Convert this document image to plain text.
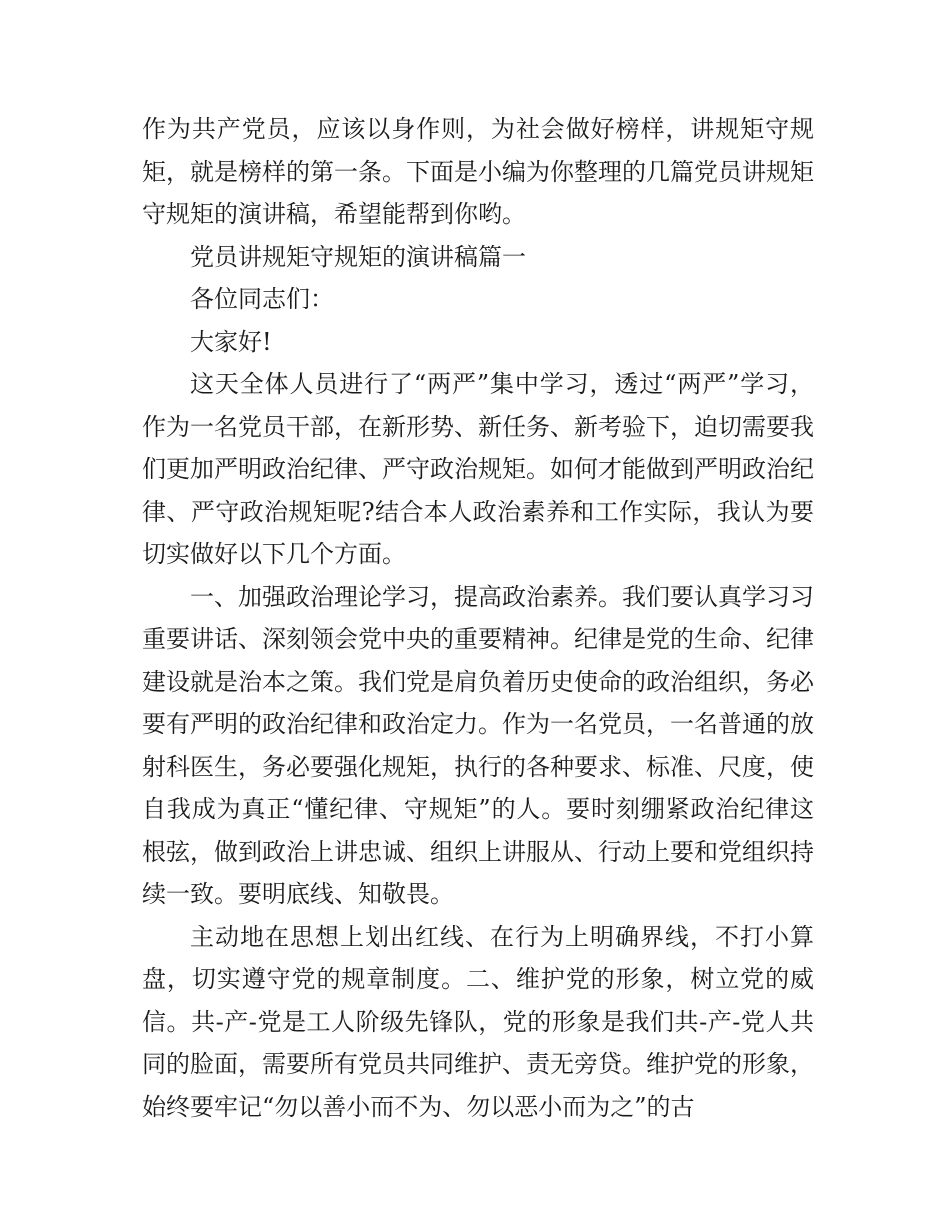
作为共产党员，应该以身作则，为社会做好榜样，讲规矩守规矩，就是榜样的第一条。下面是小编为你整理的几篇党员讲规矩守规矩的演讲稿，希望能帮到你哟。

党员讲规矩守规矩的演讲稿篇一

各位同志们：

大家好!

这天全体人员进行了“两严”集中学习，透过“两严”学习，作为一名党员干部，在新形势、新任务、新考验下，迫切需要我们更加严明政治纪律、严守政治规矩。如何才能做到严明政治纪律、严守政治规矩呢?结合本人政治素养和工作实际，我认为要切实做好以下几个方面。

一、加强政治理论学习，提高政治素养。我们要认真学习习重要讲话、深刻领会党中央的重要精神。纪律是党的生命、纪律建设就是治本之策。我们党是肩负着历史使命的政治组织，务必要有严明的政治纪律和政治定力。作为一名党员，一名普通的放射科医生，务必要强化规矩，执行的各种要求、标准、尺度，使自我成为真正“懂纪律、守规矩”的人。要时刻绷紧政治纪律这根弦，做到政治上讲忠诚、组织上讲服从、行动上要和党组织持续一致。要明底线、知敬畏。

主动地在思想上划出红线、在行为上明确界线，不打小算盘，切实遵守党的规章制度。二、维护党的形象，树立党的威信。共-产-党是工人阶级先锋队，党的形象是我们共-产-党人共同的脸面，需要所有党员共同维护、责无旁贷。维护党的形象，始终要牢记“勿以善小而不为、勿以恶小而为之”的古
